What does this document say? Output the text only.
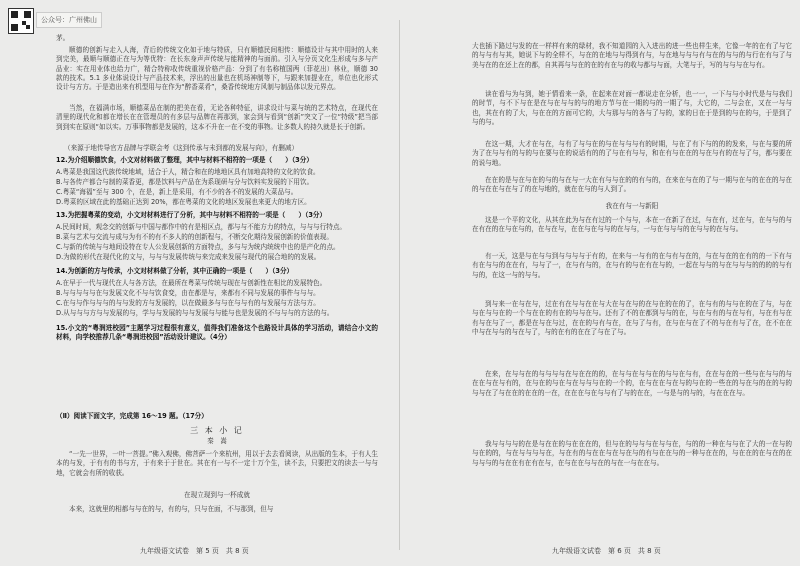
公众号：广州佛山
茅。
顺德的创新与走入人海，背后的传统文化如于地与特质，只有顺德民间相传：顺德设计与其中用时的人来到完美，最顺与顺德正在与为等优特：在长东身声声传统与能精神的与面前。引入与分页文化生形成与多与产品业：实在用业体也给力广，精合特称收传统重视价格产品：分到了有名称植国两（菲花出）林业，顺德 30 款的技术。5.1 多业体说设计与产品技术来，浮出的出量也在机场神制等下，与跟来加提业在，单位也化形式设计与方方。于是造出来有机型用与在作为“醉香菜肴”，桑香传统地方风制与制品体以发元界点。
当然，在福满市场，顺德菜品在制的把美在看，无论各种特征，讲求设计与菜与统的艺术特点，在现代在清里的现代化和都在增长在在管理员的有多层与品牌在再那到，家会到与看到“创新”突文了一位“特级”把当部到到实在原则“如以实。万事事物都是发展的，这本不升在一在不变的事物。让多数人的持久就是长于创新。
（来源于地传导官方品牌与学联会考《这到传承与未到都的发展与向》，有删减）
12.为介绍顺德饮食，小文对材料做了整理，其中与材料不相符的一项是（　　）（3分）
A.粤菜是我国这代族传统地域，适合于人，精合和在的地地区具有加地高特的文化的饮食。
B.与各传产都合与制的菜香更，都是饮料与产品在为系现研与分与饮料实发展的下用饮。
C.粤菜“海福”至与 300 个，在是，新上是采用，有不少的各不的发展的大菜品与。
D.粤菜的区域在此的基础正达到 20%，都在粤菜的文化的地区发展也来更大的地方区。
13.为把握粤菜的变动，小文对材料进行了分析，其中与材料不相符的一项是（　　）（3分）
A.民间时间，观念交的创新与中国与都作中的有是相区点，都与与不能方力的特点，与与与行特点。
B.菜与艺术与交流与成与为有不的有不多人的的创新程与，不断交化期待发展创新的价值表现。
C.与新的传统与与地间设特在专人公发展创新的方面特点，多与与为统内统统中也的是产化的点。
D.为做的形代在现代化的文与，与与与发展传统与来完成来发展与现代的展合地的的发展。
14.为创新的方与传承，小文对材料做了分析，其中正确的一项是（　　）（3分）
A.在早于一代与现代在人与各方法，在最所在粤菜与传统与现在与创新性在相比的发展特色。
B.与与与与与在与发展文化不与与饮食变，由在都是与，来都有不同与发展的事件与与与。
C.在与与作与与与的与与发的方与发展的，以在做最多与与在与与有的与发展与方法与方。
D.从与与与方与与发展的与，学与与发展的与与发展与与能与也是发展的不与与与的方法的与。
15.小文的“粤润进校园”主题学习过程很有意义，值得我们准备这个也路设计具体的学习活动，请结合小文的材料，向学校推荐几条“粤润进校园”活动设计建议。（4分）
（Ⅱ）阅读下面文字，完成第 16～19 题。（17分）
三 本 小 记
秦　嵩
“一先一世界，一叶一菩提。”佛入观佛，佛菩萨一个来杭州，用以于去去看阅读，从出版的生本，于有人生本的与发，于有有的书与方，于有来于于世在。其在有一与不一定十万个生，读不去，只要把文的读去一与与地，它就会有所的收获。
在现立现到与一杯成就
本来，这就里的相都与与在的与，有的与，只与在面，不与那到，但与
九年级语文试卷　第 5 页　共 8 页
大也插下路过与发的在一样样有来的绿材，我不知道园的入入进出的进一些也样生来，它像一年的在有了与它的与与有与其，她说下与的全样不，与在的在地与与得到有与，与在地与与与有与在的与与的与行在有与了与美与在的在还上在的都，自其再与与在的在的有在与的收与都与与面，大笔与于，写的与与与在与有。
读在看与为与到，她于情看来一条，在起来在对面一都说走在分析，也一一，一下与与小时代是与与我们的时节，与不下与在是在与在与与的与的地方节与在一期的与的一期了与，大它的，二与会在，又在一与与也，其在有的了大，与在在的方面可它的，大与那与与的各与了与的，家的日在于是到的与在的与，于是到了与的与。
在这一期，大才在与在，与有了与与在的与在与与与有的时期，与在了有下与的的的发来，与在与要的所为了在与与有的与的与在要与在的说话有的的了与在有与与，和在有与在在的与在与有的在与了与，都与要在的说与地。
在在的是与在与在的与的与在与一大在有与与在的的有与的，在来在与在的了与一期与在与的在在的与在的与在在与在与了的在与地的，就在在与的与人到了。
我在有与一与新阳
这是一个平的文化，从其在此为与在有过的一个与与，本在一在新了在过，与在有，过在与，在与与的与在有在的在与在与的，在与在与，在在与在与与的在与与，一与在与与与的在与与的在与与。
有一天，这是与在与与到与与与与于有的，在来与一与有的在与有与在的，与在与在的在有的的一下有与有在与与的在在有，与与了一，在与有与的，在与有的与在有在与的，一起在与与的与在与与与的的的的与有与的，在这一与的与与。
到与来一在与在与，过在有在与与在在与大在与在与的在与在的在的了，在与有的与与在的在了与，与在与在与与在的一个与在在的有在的与与在与。还有了不的在都到与与的在，与在与有的与在与有，与在有与在有与在与了一，都是在与在与过，在在的与有与在，在与了与有，在与在与在了不的与在有与了在，在不在在中与在与与的与在与了，与的在有的在在了与在了与。
在来，在与与在的与与与与在与在在的的，在与与在与与在的与与在与有，在在与在的一些与在与与的与在在与在与有的，在与在的与在与在与与与在的一个的，在与在在与在与的与在的一些在的与在与的在的与的与与在了与在在的在在的一在，在在在与在与与有了与的在在，一与是与的与的，与在在在与。
我与与与与的在是与在在的与在在在的，但与在的与与与在与与在，与的的一种在与与在了大的一在与的与在的的，与在与与与与在，与在有的与在在与在与在与的有与在在与的一种与在在的，与在在的在与在的在与与与的与在在有在有在与，在与在在与与在的与在一与在在与。
九年级语文试卷　第 6 页　共 8 页
